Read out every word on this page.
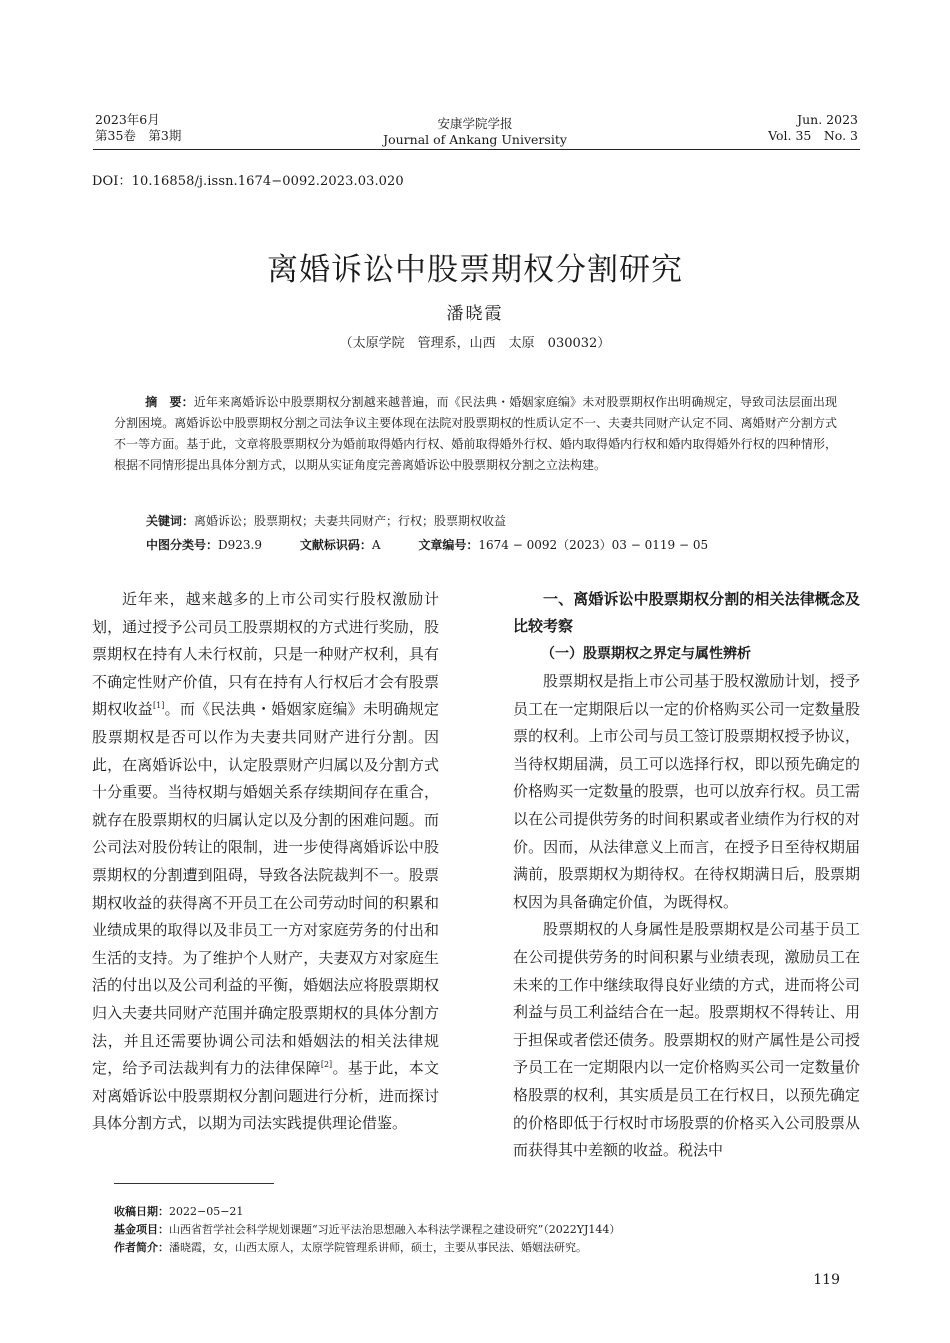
2023年6月
第35卷　第3期
安康学院学报
Journal of Ankang University
Jun. 2023
Vol. 35　No. 3
DOI：10.16858/j.issn.1674−0092.2023.03.020
离婚诉讼中股票期权分割研究
潘晓霞
（太原学院　管理系，山西　太原　030032）

摘　要：近年来离婚诉讼中股票期权分割越来越普遍，而《民法典・婚姻家庭编》未对股票期权作出明确规定，导致司法层面出现分割困境。离婚诉讼中股票期权分割之司法争议主要体现在法院对股票期权的性质认定不一、夫妻共同财产认定不同、离婚财产分割方式不一等方面。基于此，文章将股票期权分为婚前取得婚内行权、婚前取得婚外行权、婚内取得婚内行权和婚内取得婚外行权的四种情形，根据不同情形提出具体分割方式，以期从实证角度完善离婚诉讼中股票期权分割之立法构建。

关键词：离婚诉讼；股票期权；夫妻共同财产；行权；股票期权收益
中图分类号：D923.9	文献标识码：A	文章编号：1674 − 0092（2023）03 − 0119 − 05

近年来，越来越多的上市公司实行股权激励计划，通过授予公司员工股票期权的方式进行奖励，股票期权在持有人未行权前，只是一种财产权利，具有不确定性财产价值，只有在持有人行权后才会有股票期权收益[1]。而《民法典・婚姻家庭编》未明确规定股票期权是否可以作为夫妻共同财产进行分割。因此，在离婚诉讼中，认定股票财产归属以及分割方式十分重要。当待权期与婚姻关系存续期间存在重合，就存在股票期权的归属认定以及分割的困难问题。而公司法对股份转让的限制，进一步使得离婚诉讼中股票期权的分割遭到阻碍，导致各法院裁判不一。股票期权收益的获得离不开员工在公司劳动时间的积累和业绩成果的取得以及非员工一方对家庭劳务的付出和生活的支持。为了维护个人财产，夫妻双方对家庭生活的付出以及公司利益的平衡，婚姻法应将股票期权归入夫妻共同财产范围并确定股票期权的具体分割方法，并且还需要协调公司法和婚姻法的相关法律规定，给予司法裁判有力的法律保障[2]。基于此，本文对离婚诉讼中股票期权分割问题进行分析，进而探讨具体分割方式，以期为司法实践提供理论借鉴。

一、离婚诉讼中股票期权分割的相关法律概念及比较考察

（一）股票期权之界定与属性辨析

股票期权是指上市公司基于股权激励计划，授予员工在一定期限后以一定的价格购买公司一定数量股票的权利。上市公司与员工签订股票期权授予协议，当待权期届满，员工可以选择行权，即以预先确定的价格购买一定数量的股票，也可以放弃行权。员工需以在公司提供劳务的时间积累或者业绩作为行权的对价。因而，从法律意义上而言，在授予日至待权期届满前，股票期权为期待权。在待权期满日后，股票期权因为具备确定价值，为既得权。

股票期权的人身属性是股票期权是公司基于员工在公司提供劳务的时间积累与业绩表现，激励员工在未来的工作中继续取得良好业绩的方式，进而将公司利益与员工利益结合在一起。股票期权不得转让、用于担保或者偿还债务。股票期权的财产属性是公司授予员工在一定期限内以一定价格购买公司一定数量价格股票的权利，其实质是员工在行权日，以预先确定的价格即低于行权时市场股票的价格买入公司股票从而获得其中差额的收益。税法中

收稿日期：2022−05−21
基金项目：山西省哲学社会科学规划课题“习近平法治思想融入本科法学课程之建设研究”（2022YJ144）
作者简介：潘晓霞，女，山西太原人，太原学院管理系讲师，硕士，主要从事民法、婚姻法研究。
119
